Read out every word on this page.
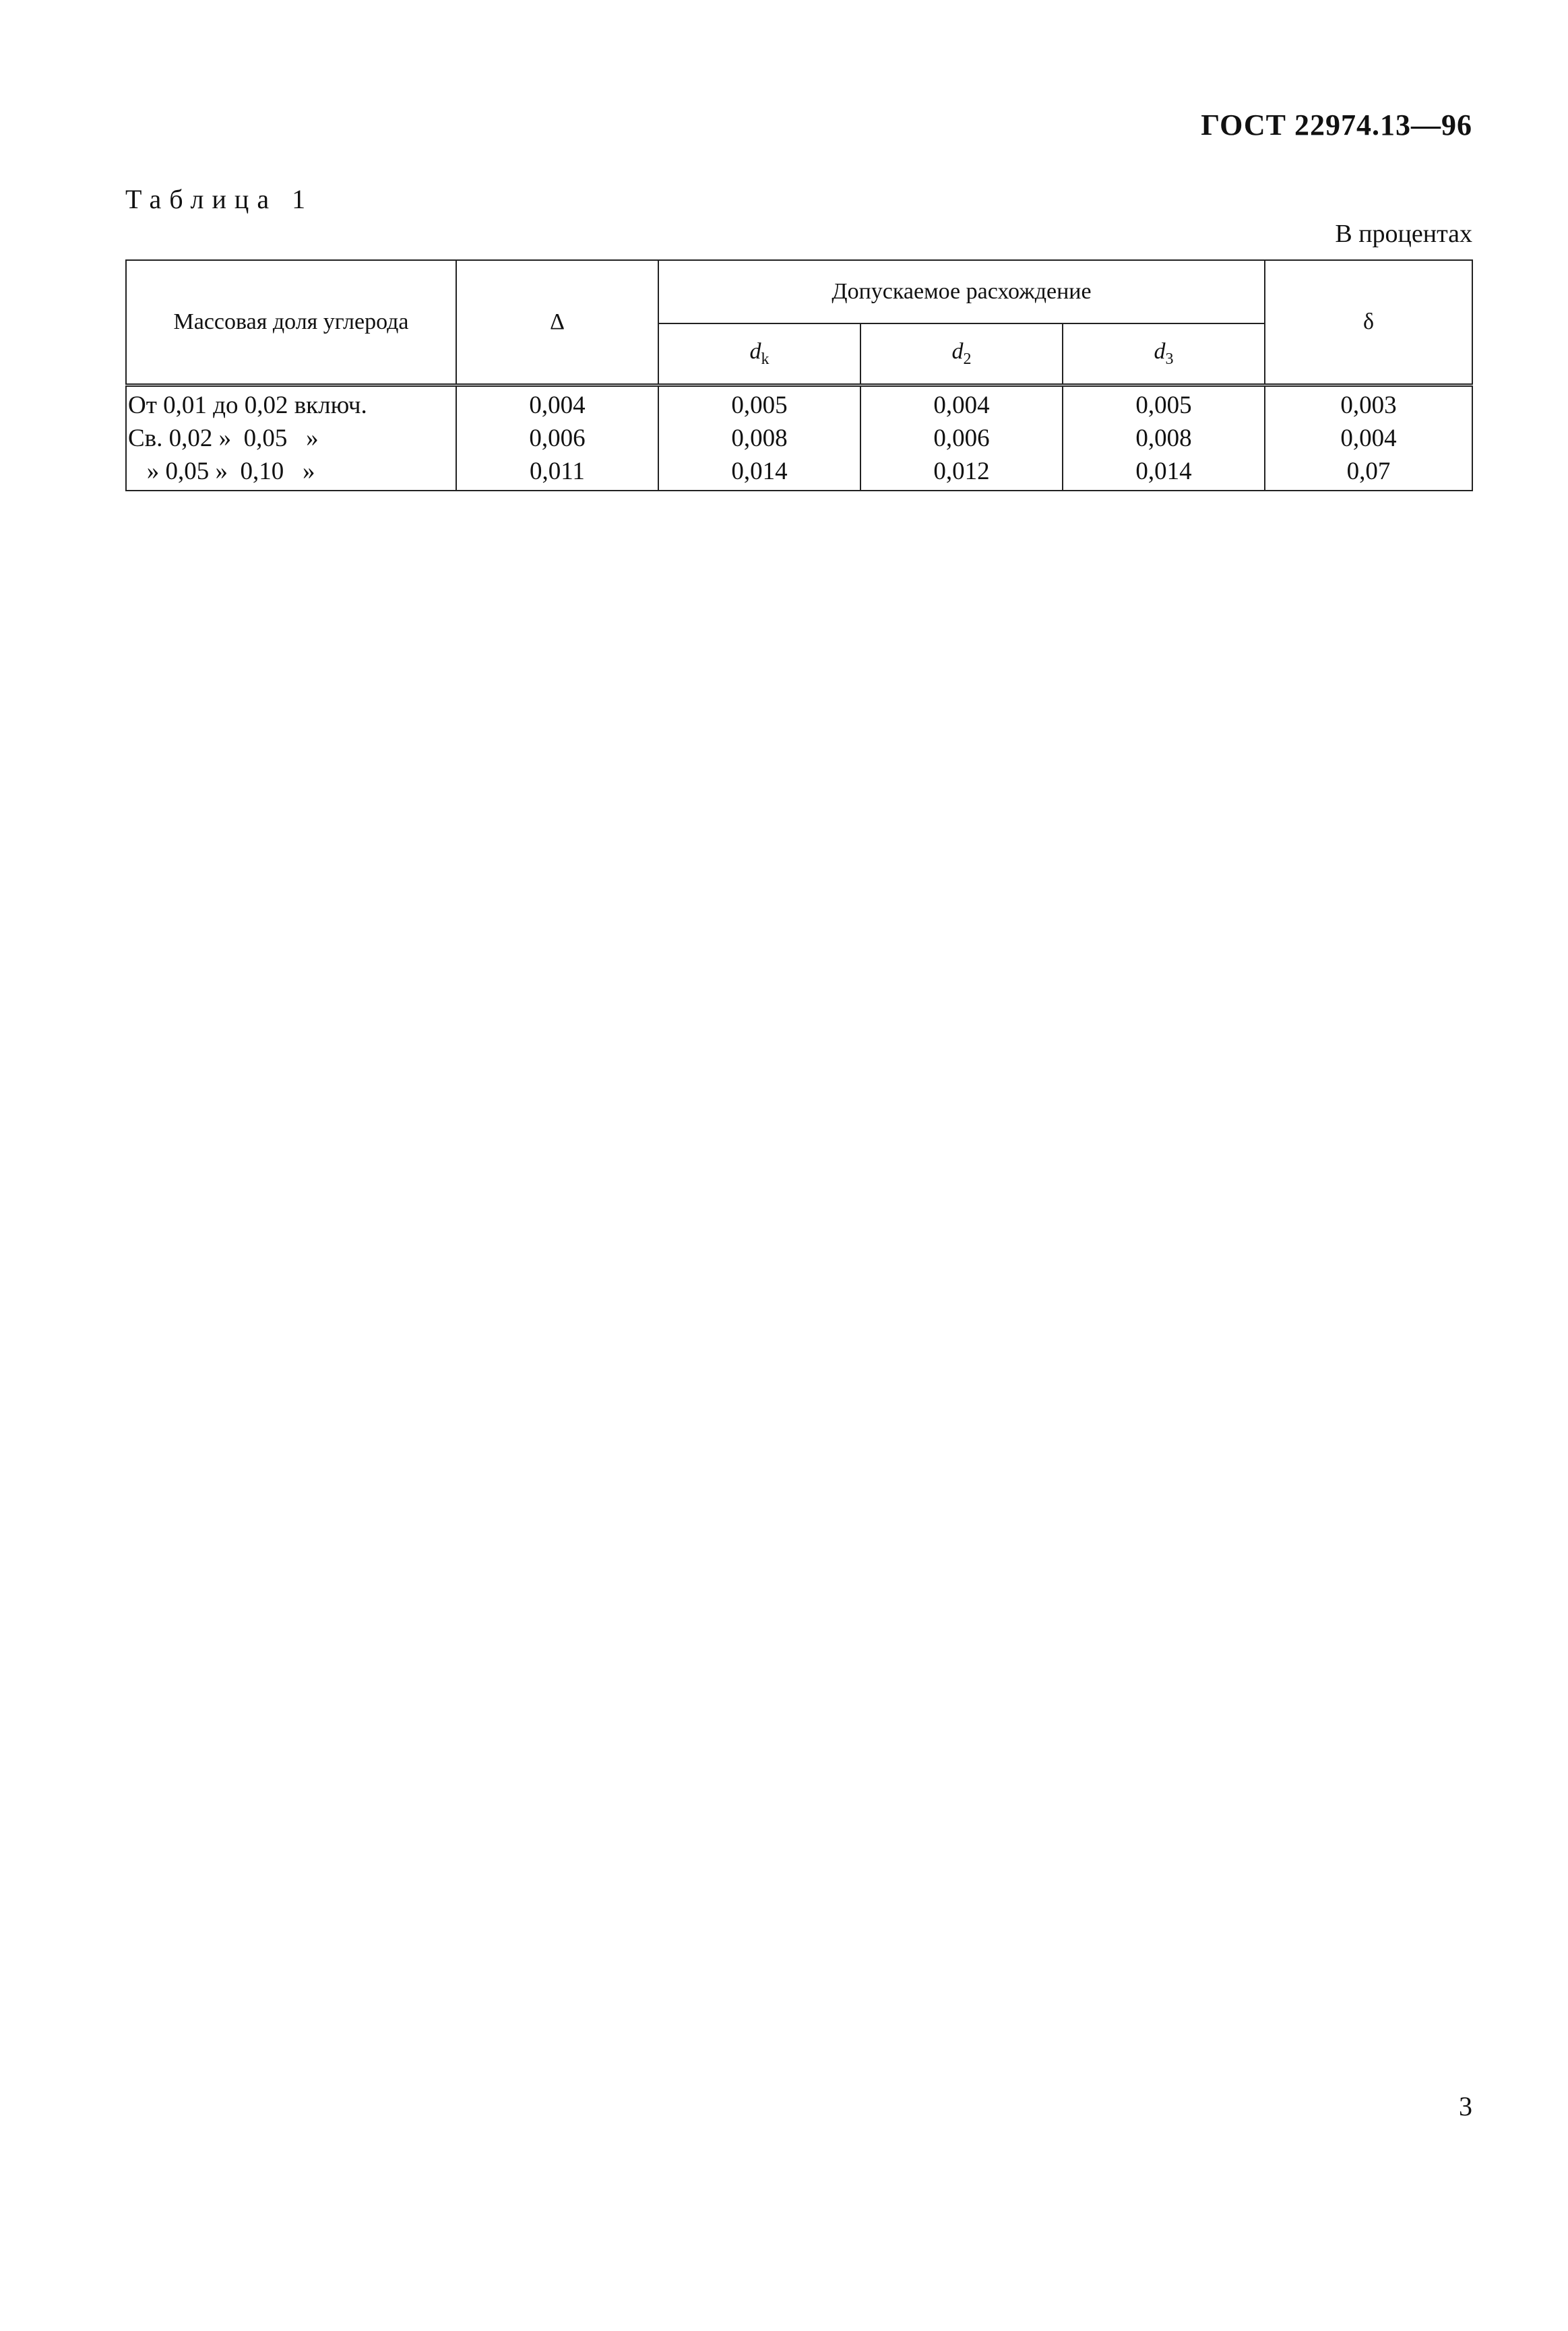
ГОСТ 22974.13—96
Таблица 1
В процентах
Массовая доля углерода	Δ	Допускаемое расхождение			δ
		$d_k$	$d_2$	$d_3$
От 0,01 до 0,02 включ.	0,004	0,005	0,004	0,005	0,003
Св. 0,02 »  0,05   »	0,006	0,008	0,006	0,008	0,004
» 0,05 »  0,10   »	0,011	0,014	0,012	0,014	0,07
3
